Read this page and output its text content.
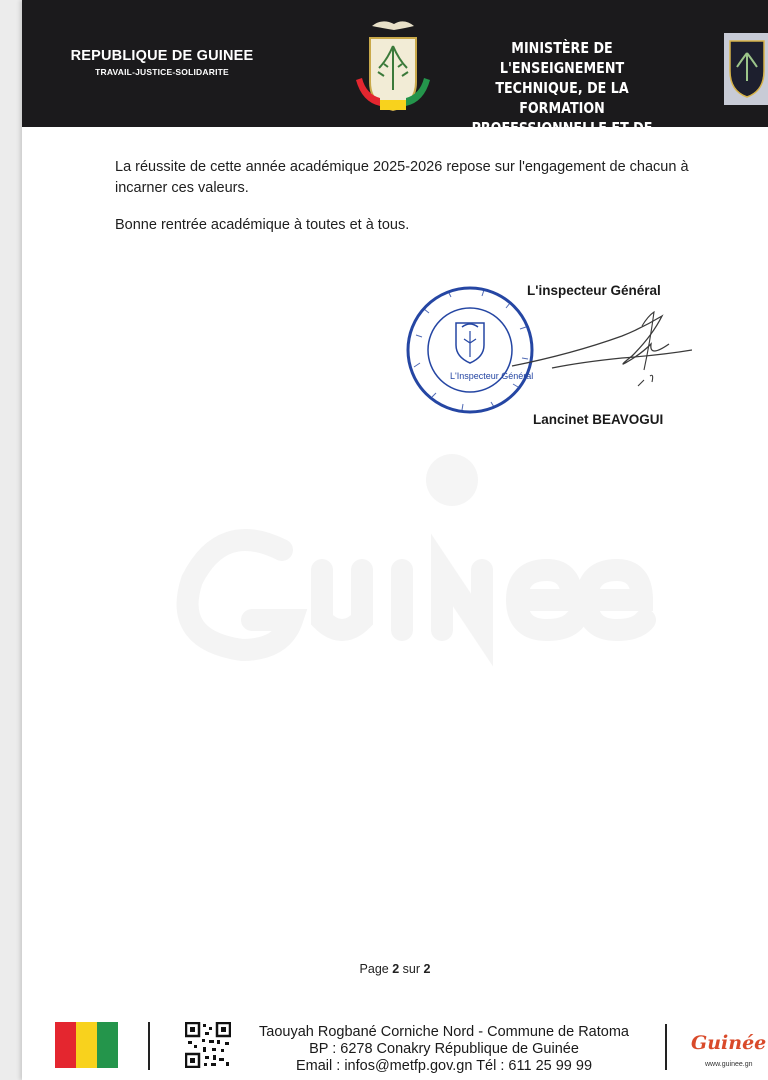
REPUBLIQUE DE GUINEE
TRAVAIL-JUSTICE-SOLIDARITE
MINISTÈRE DE L'ENSEIGNEMENT
TECHNIQUE, DE LA FORMATION
PROFESSIONNELLE ET DE L'EMPLOI

La réussite de cette année académique 2025-2026 repose sur l'engagement de chacun à incarner ces valeurs.

Bonne rentrée académique à toutes et à tous.

L'inspecteur Général
L'Inspecteur Général
Lancinet BEAVOGUI
Page 2 sur 2
Taouyah Rogbané Corniche Nord - Commune de Ratoma
BP : 6278 Conakry République de Guinée
Email : infos@metfp.gov.gn Tél : 611 25 99 99
Guinée
www.guinee.gn
